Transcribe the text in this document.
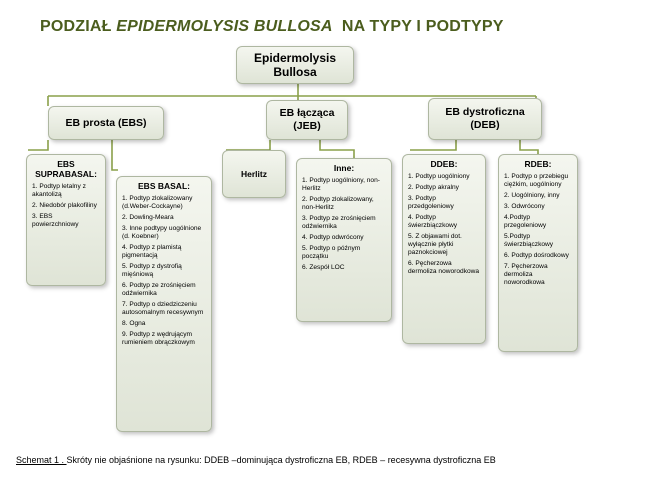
PODZIAŁ EPIDERMOLYSIS BULLOSA  NA TYPY I PODTYPY
Epidermolysis
Bullosa
EB prosta (EBS)
EB łącząca
(JEB)
EB dystroficzna
(DEB)
EBS SUPRABASAL:
1. Podtyp letalny z akantolizą
2. Niedobór plakofiliny
3. EBS powierzchniowy
EBS BASAL:
1. Podtyp zlokalizowany (d.Weber-Cockayne)
2. Dowling-Meara
3. Inne podtypy uogólnione (d. Koebner)
4. Podtyp z plamistą pigmentacją
5. Podtyp z dystrofią mięśniową
6. Podtyp ze zrośnięciem odźwiernika
7. Podtyp o dziedziczeniu autosomalnym recesywnym
8. Ogna
9. Podtyp z wędrującym rumieniem obrączkowym
Herlitz
Inne:
1. Podtyp uogólniony, non-Herlitz
2. Podtyp zlokalizowany, non-Herlitz
3. Podtyp ze zrośnięciem odźwiernika
4. Podtyp odwrócony
5. Podtyp o późnym początku
6. Zespół LOC
DDEB:
1. Podtyp uogólniony
2. Podtyp akralny
3. Podtyp przedgoleniowy
4. Podtyp świerzbiączkowy
5. Z objawami dot. wyłącznie płytki paznokciowej
6. Pęcherzowa dermoliza noworodkowa
RDEB:
1. Podtyp o przebiegu ciężkim, uogólniony
2. Uogólniony, inny
3. Odwrócony
4.Podtyp przegoleniowy
5.Podtyp świerzbiączkowy
6. Podtyp dośrodkowy
7. Pęcherzowa dermoliza noworodkowa
Schemat 1 . Skróty nie objaśnione na rysunku: DDEB –dominująca dystroficzna EB, RDEB – recesywna dystroficzna EB
